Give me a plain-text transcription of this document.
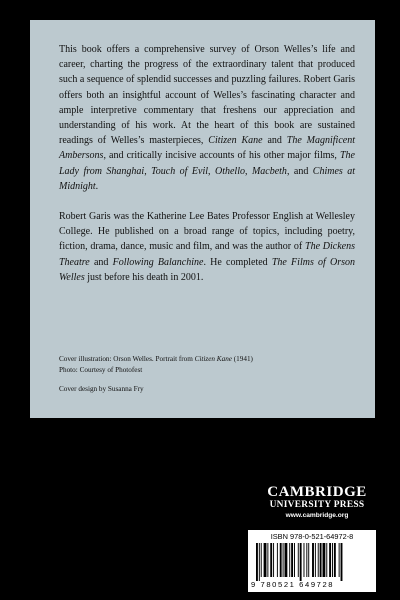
This book offers a comprehensive survey of Orson Welles’s life and career, charting the progress of the extraordinary talent that produced such a sequence of splendid successes and puzzling failures. Robert Garis offers both an insightful account of Welles’s fascinating character and ample interpretive commentary that freshens our appreciation and understanding of his work. At the heart of this book are sustained readings of Welles’s masterpieces, Citizen Kane and The Magnificent Ambersons, and critically incisive accounts of his other major films, The Lady from Shanghai, Touch of Evil, Othello, Macbeth, and Chimes at Midnight.

Robert Garis was the Katherine Lee Bates Professor English at Wellesley College. He published on a broad range of topics, including poetry, fiction, drama, dance, music and film, and was the author of The Dickens Theatre and Following Balanchine. He completed The Films of Orson Welles just before his death in 2001.

Cover illustration: Orson Welles. Portrait from Citizen Kane (1941)
Photo: Courtesy of Photofest
Cover design by Susanna Fry
CAMBRIDGE
UNIVERSITY PRESS
www.cambridge.org
ISBN 978-0-521-64972-8
9 780521 649728
